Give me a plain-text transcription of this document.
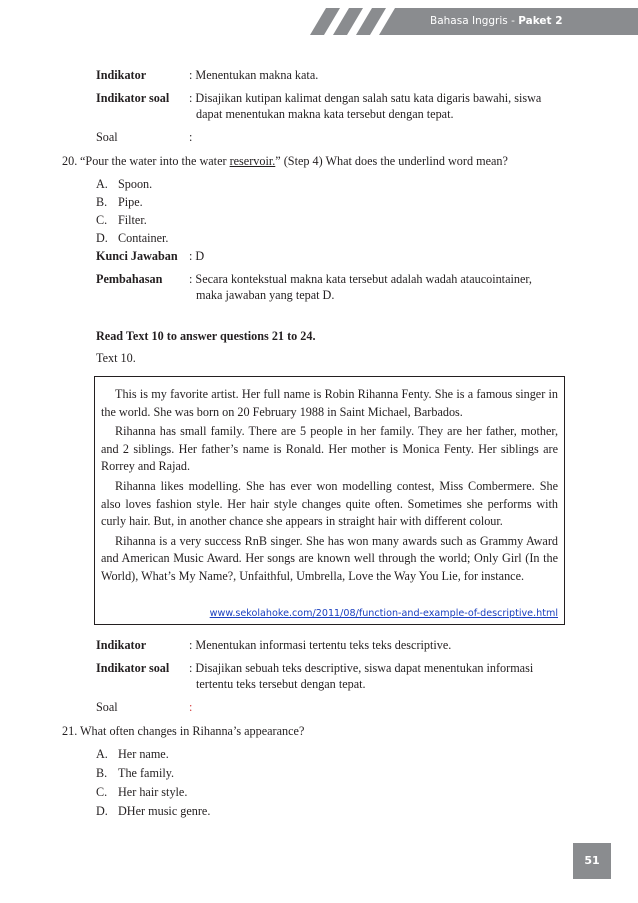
Bahasa Inggris - Paket 2
Indikator	: Menentukan makna kata.
Indikator soal : Disajikan kutipan kalimat dengan salah satu kata digaris bawahi, siswa
dapat menentukan makna kata tersebut dengan tepat.
Soal	:
20. “Pour the water into the water reservoir.” (Step 4) What does the underlind word mean?
A. Spoon.
B. Pipe.
C. Filter.
D. Container.
Kunci Jawaban : D
Pembahasan : Secara kontekstual makna kata tersebut adalah wadah ataucointainer,
maka jawaban yang tepat D.
Read Text 10 to answer questions 21 to 24.
Text 10.

This is my favorite artist. Her full name is Robin Rihanna Fenty. She is a famous singer in the world. She was born on 20 February 1988 in Saint Michael, Barbados.

Rihanna has small family. There are 5 people in her family. They are her father, mother, and 2 siblings. Her father’s name is Ronald. Her mother is Monica Fenty. Her siblings are Rorrey and Rajad.

Rihanna likes modelling. She has ever won modelling contest, Miss Combermere. She also loves fashion style. Her hair style changes quite often. Sometimes she performs with curly hair. But, in another chance she appears in straight hair with different colour.

Rihanna is a very success RnB singer. She has won many awards such as Grammy Award and American Music Award. Her songs are known well through the world; Only Girl (In the World), What’s My Name?, Unfaithful, Umbrella, Love the Way You Lie, for instance.

www.sekolahoke.com/2011/08/function-and-example-of-descriptive.html
Indikator	: Menentukan informasi tertentu teks teks descriptive.
Indikator soal : Disajikan sebuah teks descriptive, siswa dapat menentukan informasi
tertentu teks tersebut dengan tepat.
Soal	:
21. What often changes in Rihanna’s appearance?
A. Her name.
B. The family.
C. Her hair style.
D. DHer music genre.
51
